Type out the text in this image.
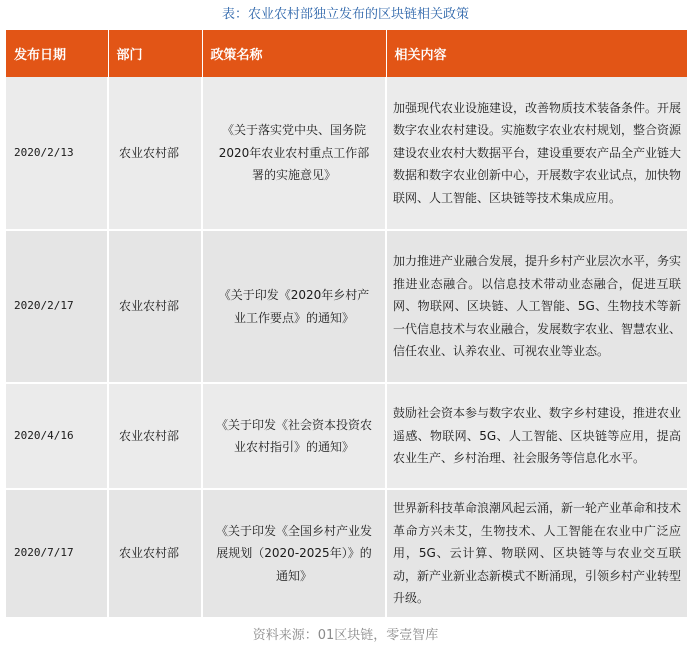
表：农业农村部独立发布的区块链相关政策
发布日期	部门	政策名称	相关内容
2020/2/13	农业农村部	《关于落实党中央、国务院2020年农业农村重点工作部署的实施意见》	加强现代农业设施建设，改善物质技术装备条件。开展数字农业农村建设。实施数字农业农村规划，整合资源建设农业农村大数据平台，建设重要农产品全产业链大数据和数字农业创新中心，开展数字农业试点，加快物联网、人工智能、区块链等技术集成应用。
2020/2/17	农业农村部	《关于印发《2020年乡村产业工作要点》的通知》	加力推进产业融合发展，提升乡村产业层次水平，务实推进业态融合。以信息技术带动业态融合，促进互联网、物联网、区块链、人工智能、5G、生物技术等新一代信息技术与农业融合，发展数字农业、智慧农业、信任农业、认养农业、可视农业等业态。
2020/4/16	农业农村部	《关于印发《社会资本投资农业农村指引》的通知》	鼓励社会资本参与数字农业、数字乡村建设，推进农业遥感、物联网、5G、人工智能、区块链等应用，提高农业生产、乡村治理、社会服务等信息化水平。
2020/7/17	农业农村部	《关于印发《全国乡村产业发展规划（2020-2025年）》的通知》	世界新科技革命浪潮风起云涌，新一轮产业革命和技术革命方兴未艾，生物技术、人工智能在农业中广泛应用，5G、云计算、物联网、区块链等与农业交互联动，新产业新业态新模式不断涌现，引领乡村产业转型升级。
资料来源：01区块链，零壹智库
